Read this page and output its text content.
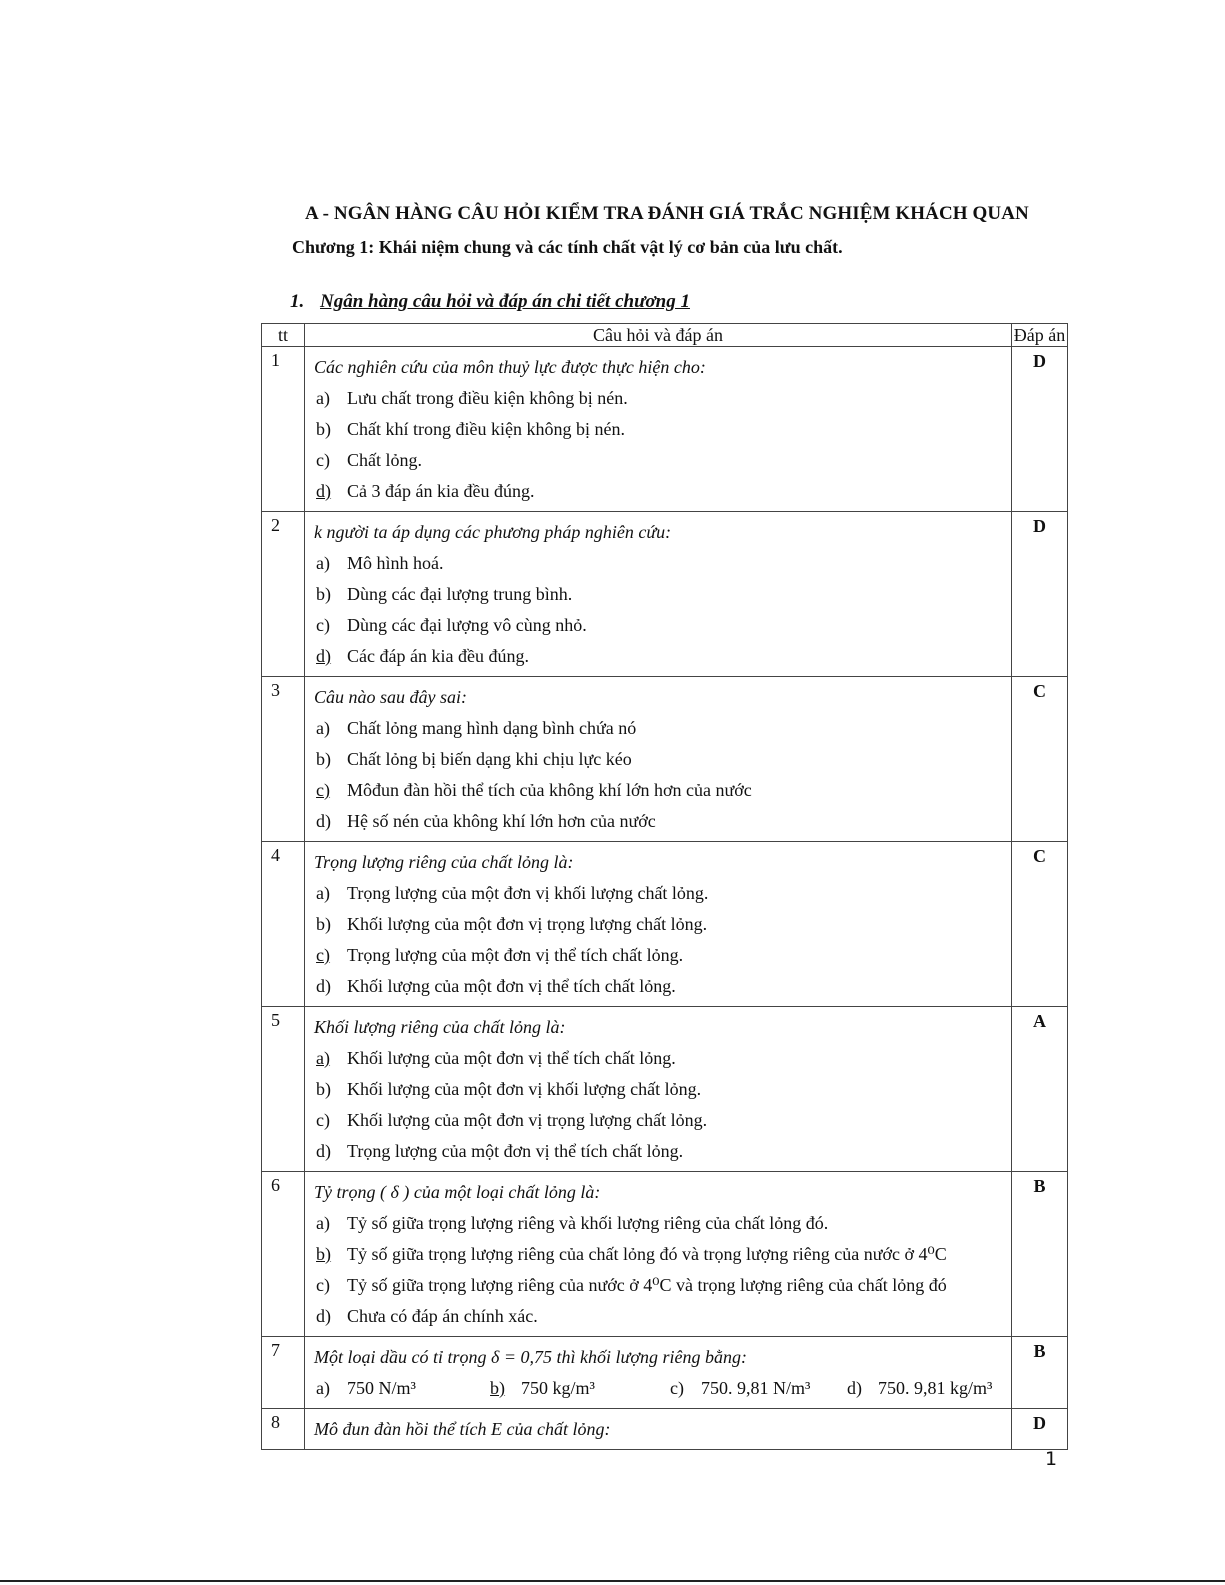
A - NGÂN HÀNG CÂU HỎI KIỂM TRA ĐÁNH GIÁ TRẮC NGHIỆM KHÁCH QUAN
Chương 1: Khái niệm chung và các tính chất vật lý cơ bản của lưu chất.
1. Ngân hàng câu hỏi và đáp án chi tiết chương 1
tt	Câu hỏi và đáp án	Đáp án
1	Các nghiên cứu của môn thuỷ lực được thực hiện cho:
a) Lưu chất trong điều kiện không bị nén.
b) Chất khí trong điều kiện không bị nén.
c) Chất lỏng.
d) Cả 3 đáp án kia đều đúng.	D
2	k người ta áp dụng các phương pháp nghiên cứu:
a) Mô hình hoá.
b) Dùng các đại lượng trung bình.
c) Dùng các đại lượng vô cùng nhỏ.
d) Các đáp án kia đều đúng.	D
3	Câu nào sau đây sai:
a) Chất lỏng mang hình dạng bình chứa nó
b) Chất lỏng bị biến dạng khi chịu lực kéo
c) Môđun đàn hồi thể tích của không khí lớn hơn của nước
d) Hệ số nén của không khí lớn hơn của nước	C
4	Trọng lượng riêng của chất lỏng là:
a) Trọng lượng của một đơn vị khối lượng chất lỏng.
b) Khối lượng của một đơn vị trọng lượng chất lỏng.
c) Trọng lượng của một đơn vị thể tích chất lỏng.
d) Khối lượng của một đơn vị thể tích chất lỏng.	C
5	Khối lượng riêng của chất lỏng là:
a) Khối lượng của một đơn vị thể tích chất lỏng.
b) Khối lượng của một đơn vị khối lượng chất lỏng.
c) Khối lượng của một đơn vị trọng lượng chất lỏng.
d) Trọng lượng của một đơn vị thể tích chất lỏng.	A
6	Tỷ trọng ( δ ) của một loại chất lỏng là:
a) Tỷ số giữa trọng lượng riêng và khối lượng riêng của chất lỏng đó.
b) Tỷ số giữa trọng lượng riêng của chất lỏng đó và trọng lượng riêng của nước ở 4⁰C
c) Tỷ số giữa trọng lượng riêng của nước ở 4⁰C và trọng lượng riêng của chất lỏng đó
d) Chưa có đáp án chính xác.	B
7	Một loại dầu có tỉ trọng δ = 0,75 thì khối lượng riêng bằng:
a) 750 N/m³ b) 750 kg/m³ c) 750. 9,81 N/m³ d) 750. 9,81 kg/m³	B
8	Mô đun đàn hồi thể tích E của chất lỏng:	D
1
